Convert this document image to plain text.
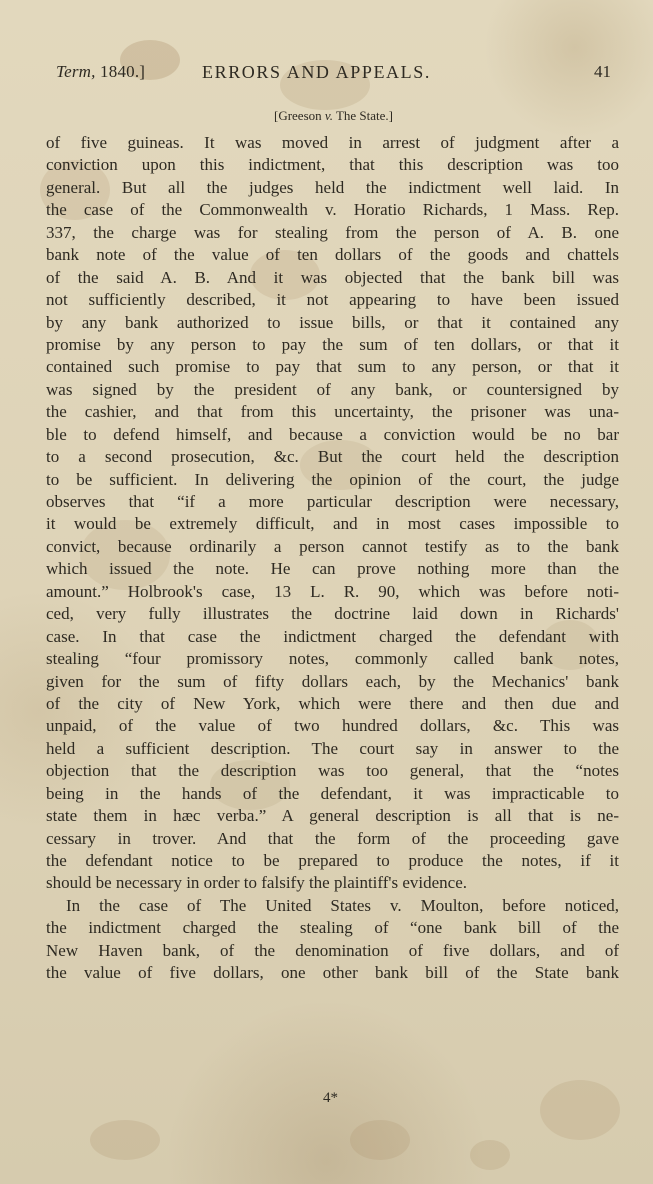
Term, 1840.]	ERRORS AND APPEALS.	41
[Greeson v. The State.]
of five guineas. It was moved in arrest of judgment after a
conviction upon this indictment, that this description was too
general. But all the judges held the indictment well laid. In
the case of the Commonwealth v. Horatio Richards, 1 Mass. Rep.
337, the charge was for stealing from the person of A. B. one
bank note of the value of ten dollars of the goods and chattels
of the said A. B. And it was objected that the bank bill was
not sufficiently described, it not appearing to have been issued
by any bank authorized to issue bills, or that it contained any
promise by any person to pay the sum of ten dollars, or that it
contained such promise to pay that sum to any person, or that it
was signed by the president of any bank, or countersigned by
the cashier, and that from this uncertainty, the prisoner was una-
ble to defend himself, and because a conviction would be no bar
to a second prosecution, &c. But the court held the description
to be sufficient. In delivering the opinion of the court, the judge
observes that “if a more particular description were necessary,
it would be extremely difficult, and in most cases impossible to
convict, because ordinarily a person cannot testify as to the bank
which issued the note. He can prove nothing more than the
amount.” Holbrook's case, 13 L. R. 90, which was before noti-
ced, very fully illustrates the doctrine laid down in Richards'
case. In that case the indictment charged the defendant with
stealing “four promissory notes, commonly called bank notes,
given for the sum of fifty dollars each, by the Mechanics' bank
of the city of New York, which were there and then due and
unpaid, of the value of two hundred dollars, &c. This was
held a sufficient description. The court say in answer to the
objection that the description was too general, that the “notes
being in the hands of the defendant, it was impracticable to
state them in hæc verba.” A general description is all that is ne-
cessary in trover. And that the form of the proceeding gave
the defendant notice to be prepared to produce the notes, if it
should be necessary in order to falsify the plaintiff's evidence.
In the case of The United States v. Moulton, before noticed,
the indictment charged the stealing of “one bank bill of the
New Haven bank, of the denomination of five dollars, and of
the value of five dollars, one other bank bill of the State bank
4*
